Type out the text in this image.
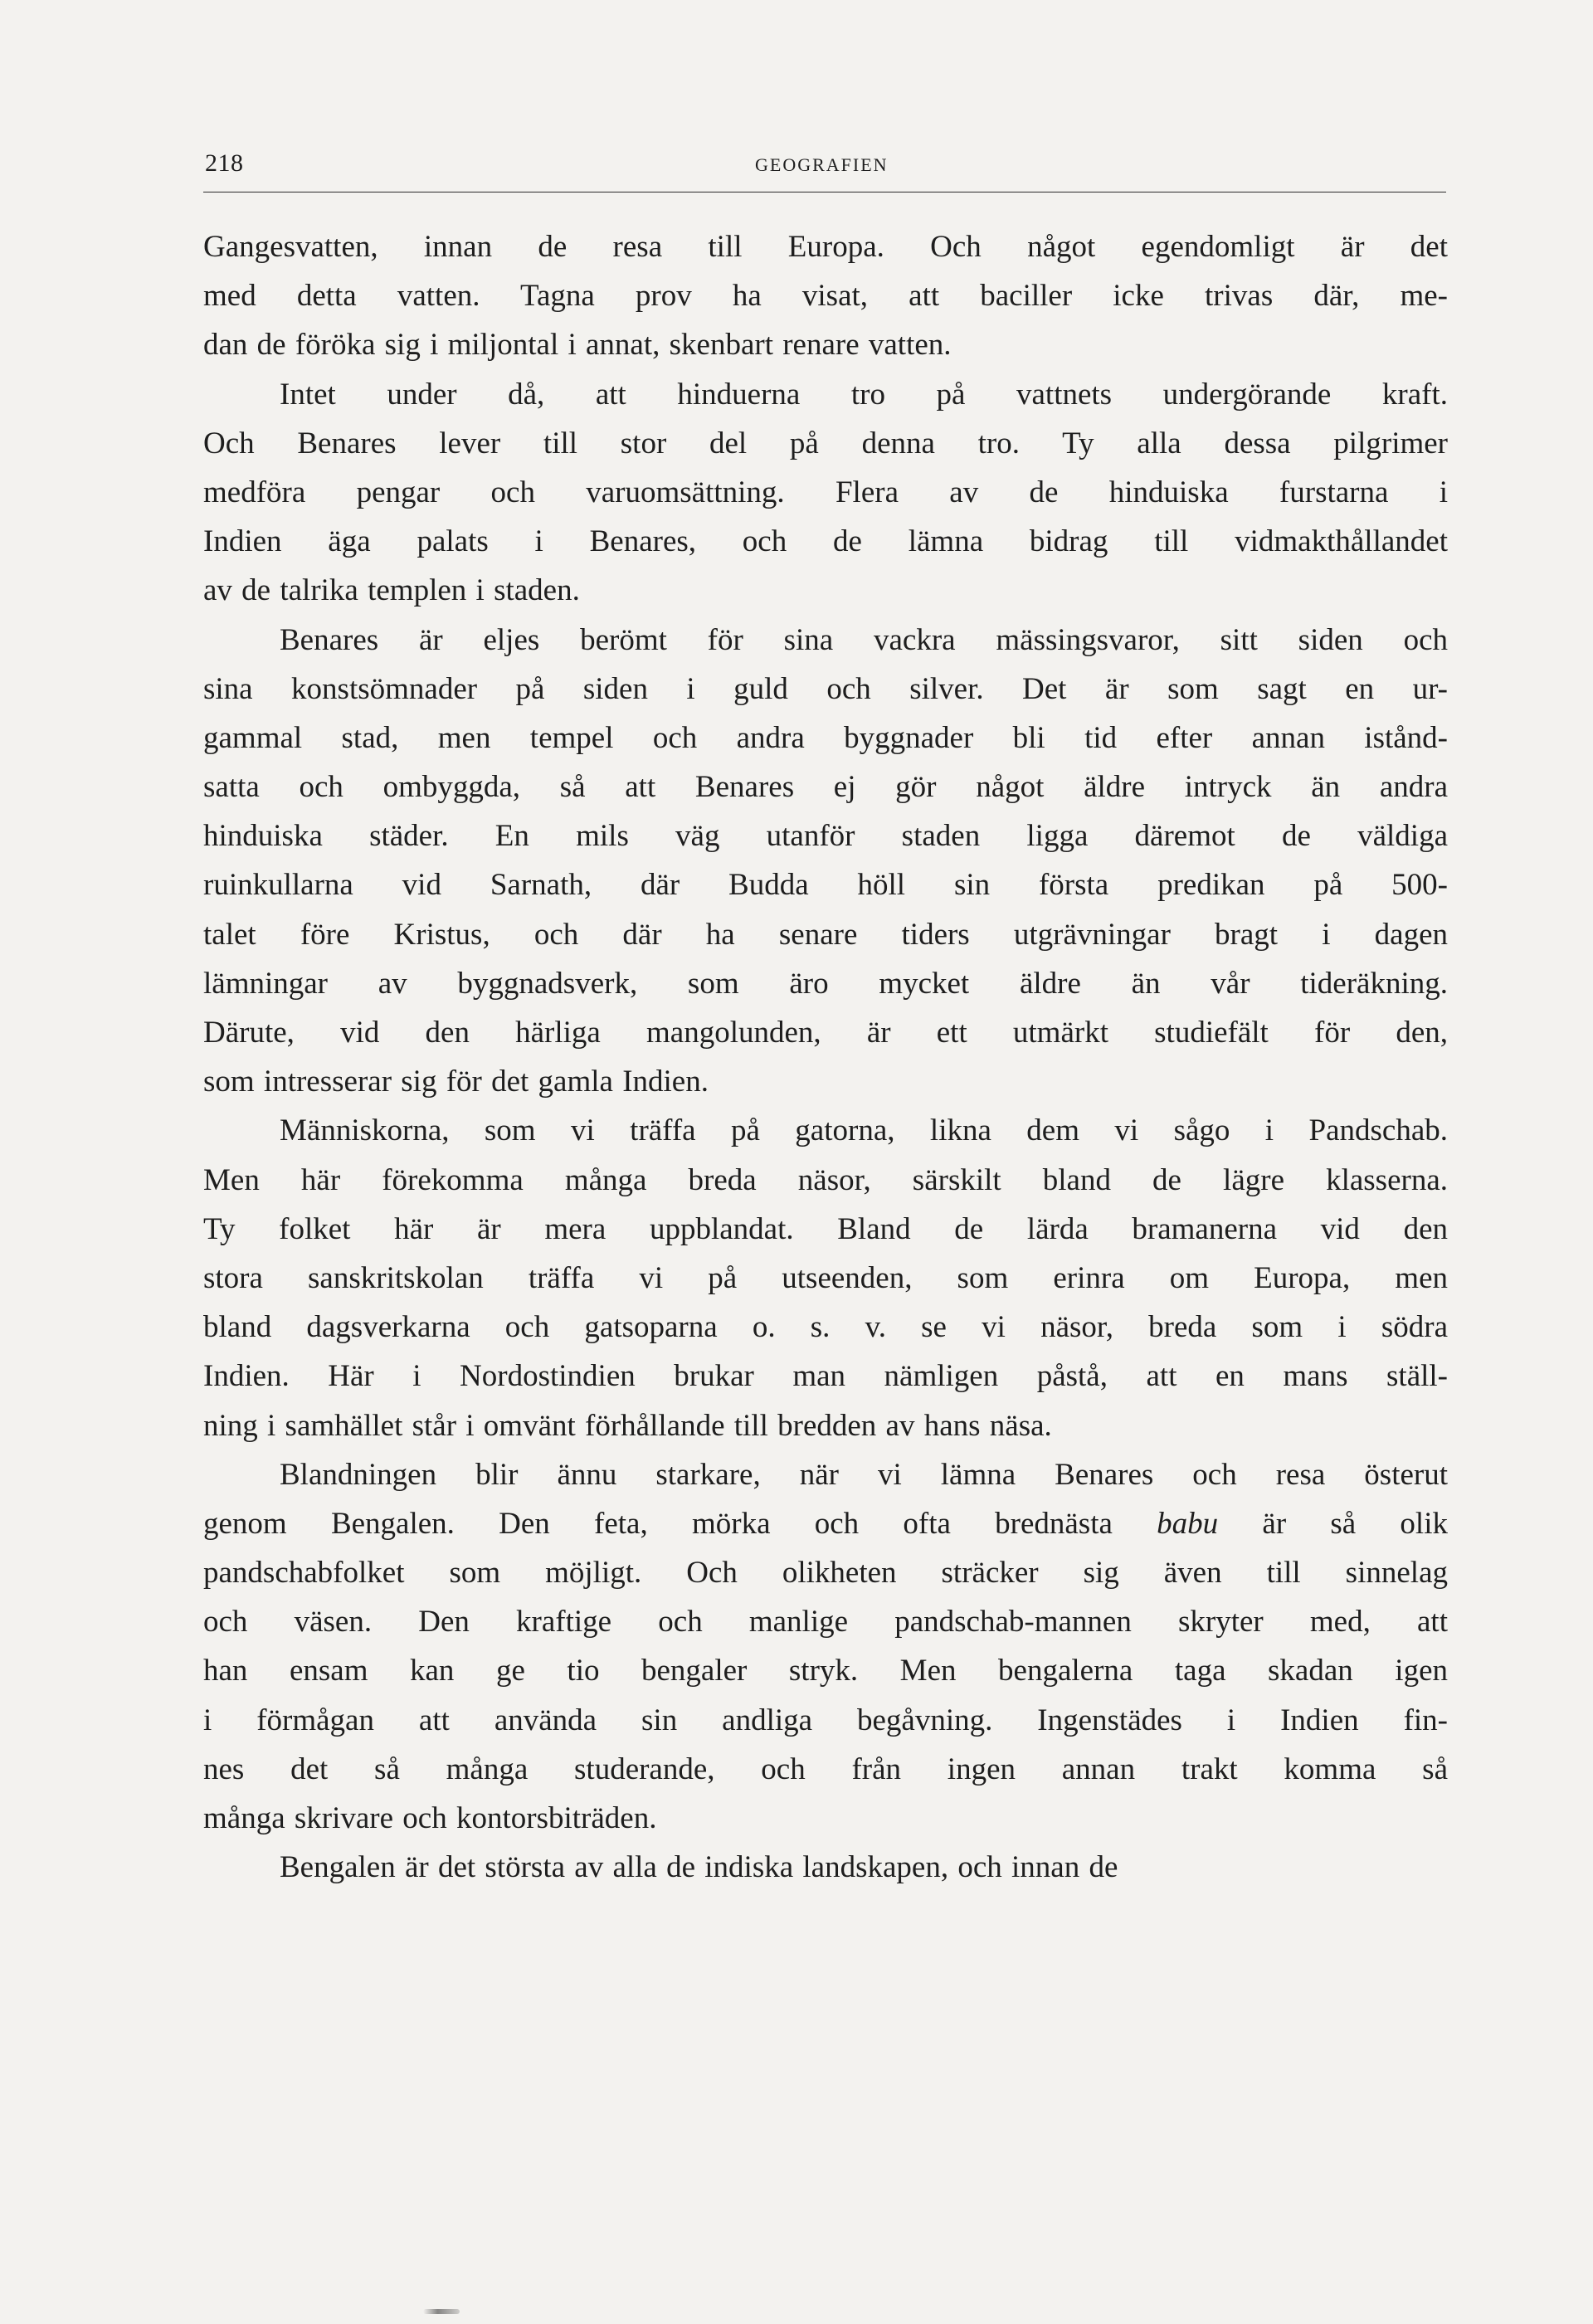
218	GEOGRAFIEN
Gangesvatten, innan de resa till Europa. Och något egendomligt är det
med detta vatten. Tagna prov ha visat, att baciller icke trivas där, me-
dan de föröka sig i miljontal i annat, skenbart renare vatten.
Intet under då, att hinduerna tro på vattnets undergörande kraft.
Och Benares lever till stor del på denna tro. Ty alla dessa pilgrimer
medföra pengar och varuomsättning. Flera av de hinduiska furstarna i
Indien äga palats i Benares, och de lämna bidrag till vidmakthållandet
av de talrika templen i staden.
Benares är eljes berömt för sina vackra mässingsvaror, sitt siden och
sina konstsömnader på siden i guld och silver. Det är som sagt en ur-
gammal stad, men tempel och andra byggnader bli tid efter annan istånd-
satta och ombyggda, så att Benares ej gör något äldre intryck än andra
hinduiska städer. En mils väg utanför staden ligga däremot de väldiga
ruinkullarna vid Sarnath, där Budda höll sin första predikan på 500-
talet före Kristus, och där ha senare tiders utgrävningar bragt i dagen
lämningar av byggnadsverk, som äro mycket äldre än vår tideräkning.
Därute, vid den härliga mangolunden, är ett utmärkt studiefält för den,
som intresserar sig för det gamla Indien.
Människorna, som vi träffa på gatorna, likna dem vi sågo i Pandschab.
Men här förekomma många breda näsor, särskilt bland de lägre klasserna.
Ty folket här är mera uppblandat. Bland de lärda bramanerna vid den
stora sanskritskolan träffa vi på utseenden, som erinra om Europa, men
bland dagsverkarna och gatsoparna o. s. v. se vi näsor, breda som i södra
Indien. Här i Nordostindien brukar man nämligen påstå, att en mans ställ-
ning i samhället står i omvänt förhållande till bredden av hans näsa.
Blandningen blir ännu starkare, när vi lämna Benares och resa österut
genom Bengalen. Den feta, mörka och ofta brednästa babu är så olik
pandschabfolket som möjligt. Och olikheten sträcker sig även till sinnelag
och väsen. Den kraftige och manlige pandschab-mannen skryter med, att
han ensam kan ge tio bengaler stryk. Men bengalerna taga skadan igen
i förmågan att använda sin andliga begåvning. Ingenstädes i Indien fin-
nes det så många studerande, och från ingen annan trakt komma så
många skrivare och kontorsbiträden.
Bengalen är det största av alla de indiska landskapen, och innan de
